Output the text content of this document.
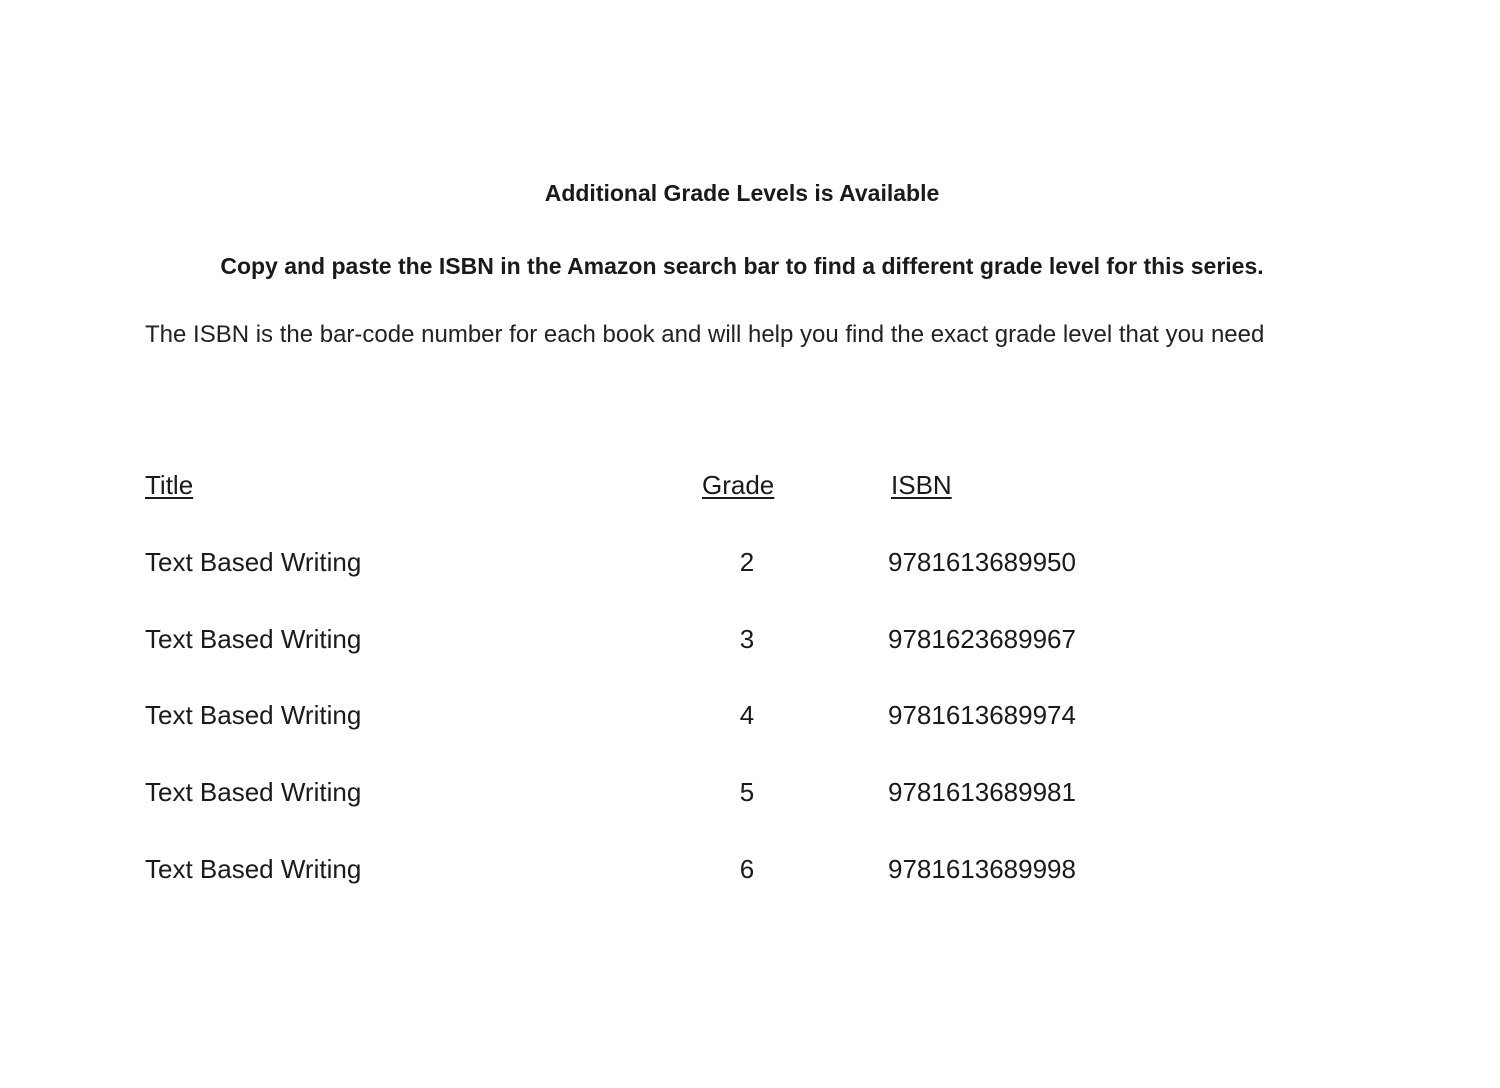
Additional Grade Levels is Available
Copy and paste the ISBN in the Amazon search bar to find a different grade level for this series.
The ISBN is the bar-code number for each book and will help you find the exact grade level that you need
Title	Grade	ISBN
Text Based Writing	2	9781613689950
Text Based Writing	3	9781623689967
Text Based Writing	4	9781613689974
Text Based Writing	5	9781613689981
Text Based Writing	6	9781613689998
